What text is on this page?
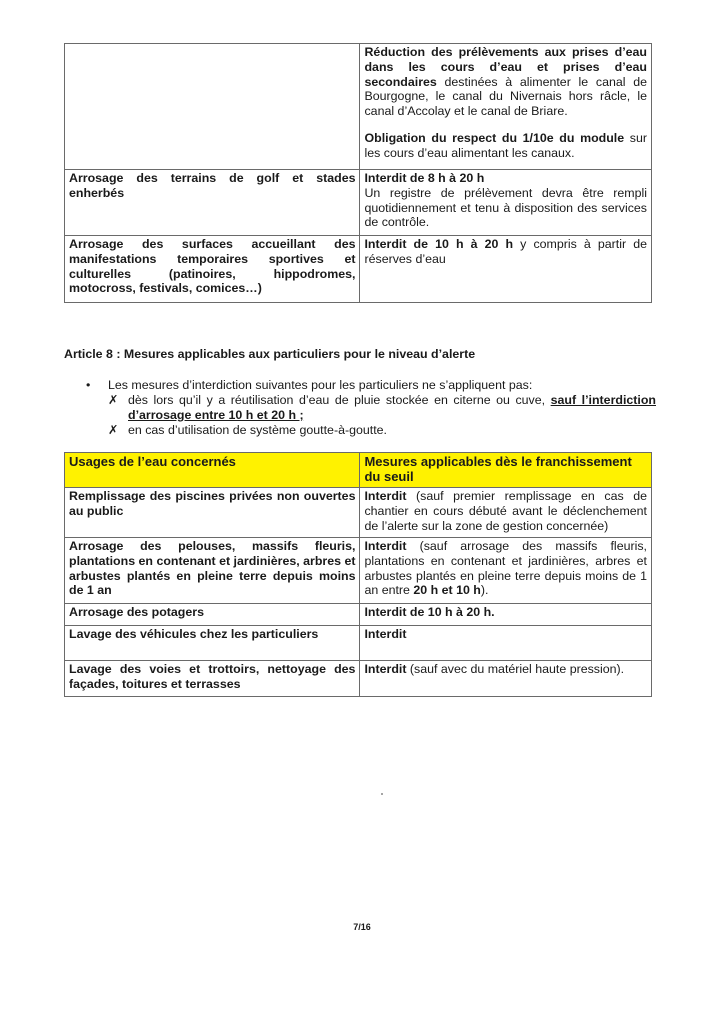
	Réduction des prélèvements aux prises d’eau dans les cours d’eau et prises d’eau secondaires destinées à alimenter le canal de Bourgogne, le canal du Nivernais hors râcle, le canal d’Accolay et le canal de Briare.
Obligation du respect du 1/10e du module sur les cours d’eau alimentant les canaux.

Arrosage des terrains de golf et stades enherbés	Interdit de 8 h à 20 h
Un registre de prélèvement devra être rempli quotidiennement et tenu à disposition des services de contrôle.
Arrosage des surfaces accueillant des manifestations temporaires sportives et culturelles (patinoires, hippodromes, motocross, festivals, comices…)	Interdit de 10 h à 20 h y compris à partir de réserves d’eau
Article 8 : Mesures applicables aux particuliers pour le niveau d’alerte
• Les mesures d’interdiction suivantes pour les particuliers ne s’appliquent pas:
✗ dès lors qu’il y a réutilisation d’eau de pluie stockée en citerne ou cuve, sauf l’interdiction d’arrosage entre 10 h et 20 h ;
✗ en cas d’utilisation de système goutte-à-goutte.
Usages de l’eau concernés	Mesures applicables dès le franchissement du seuil
Remplissage des piscines privées non ouvertes au public	Interdit (sauf premier remplissage en cas de chantier en cours débuté avant le déclenchement de l’alerte sur la zone de gestion concernée)
Arrosage des pelouses, massifs fleuris, plantations en contenant et jardinières, arbres et arbustes plantés en pleine terre depuis moins de 1 an	Interdit (sauf arrosage des massifs fleuris, plantations en contenant et jardinières, arbres et arbustes plantés en pleine terre depuis moins de 1 an entre 20 h et 10 h).
Arrosage des potagers	Interdit de 10 h à 20 h.
Lavage des véhicules chez les particuliers	Interdit
Lavage des voies et trottoirs, nettoyage des façades, toitures et terrasses	Interdit (sauf avec du matériel haute pression).
7/16
